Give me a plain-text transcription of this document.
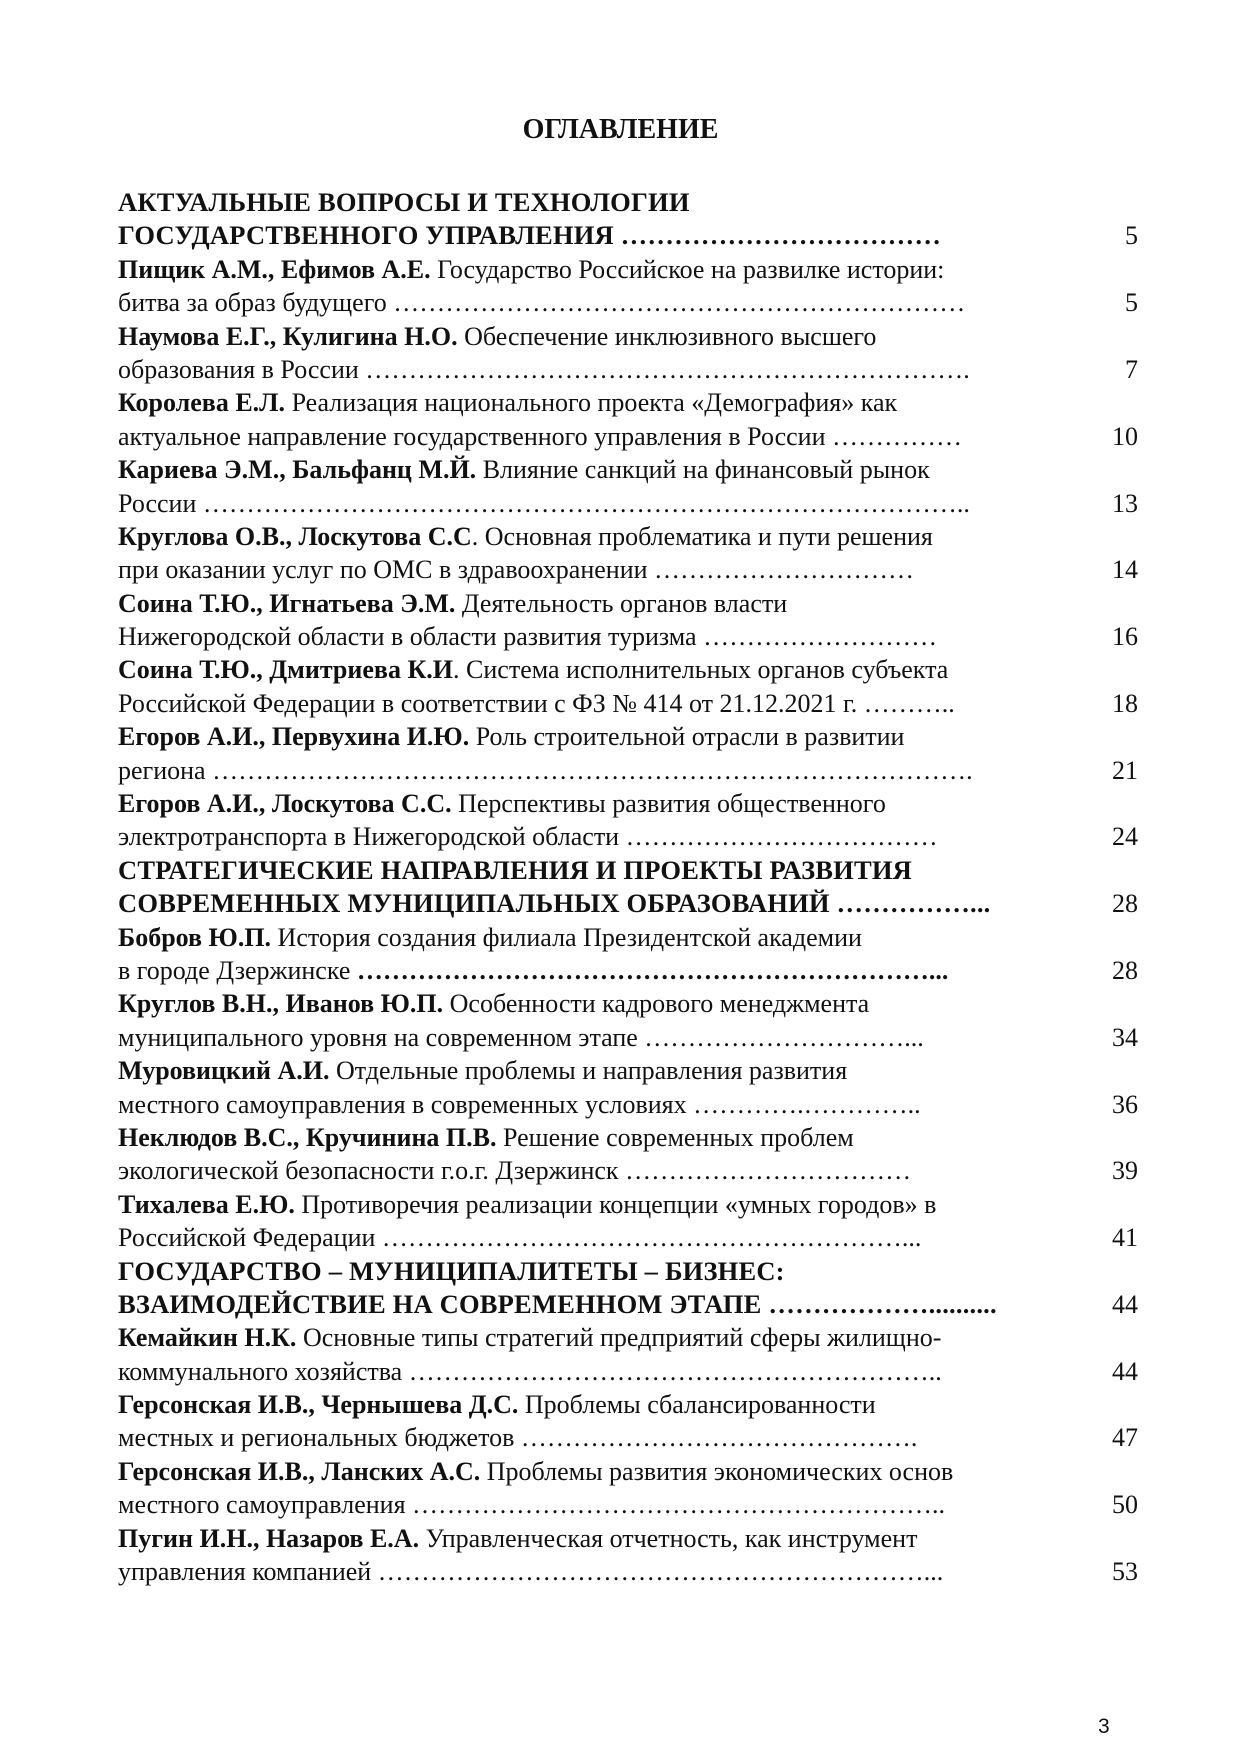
ОГЛАВЛЕНИЕ
АКТУАЛЬНЫЕ ВОПРОСЫ И ТЕХНОЛОГИИ
ГОСУДАРСТВЕННОГО УПРАВЛЕНИЯ ………………………………	5
Пищик А.М., Ефимов А.Е. Государство Российское на развилке истории:
битва за образ будущего …………………………………………………………	5
Наумова Е.Г., Кулигина Н.О. Обеспечение инклюзивного высшего
образования в России …………………………………………………………….	7
Королева Е.Л. Реализация национального проекта «Демография» как
актуальное направление государственного управления в России ……………	10
Кариева Э.М., Бальфанц М.Й. Влияние санкций на финансовый рынок
России ……………………………………………………………………………..	13
Круглова О.В., Лоскутова С.С. Основная проблематика и пути решения
при оказании услуг по ОМС в здравоохранении …………………………	14
Соина Т.Ю., Игнатьева Э.М. Деятельность органов власти
Нижегородской области в области развития туризма ………………………	16
Соина Т.Ю., Дмитриева К.И. Система исполнительных органов субъекта
Российской Федерации в соответствии с ФЗ № 414 от 21.12.2021 г. ………..	18
Егоров А.И., Первухина И.Ю. Роль строительной отрасли в развитии
региона …………………………………………………………………………….	21
Егоров А.И., Лоскутова С.С. Перспективы развития общественного
электротранспорта в Нижегородской области ………………………………	24
СТРАТЕГИЧЕСКИЕ НАПРАВЛЕНИЯ И ПРОЕКТЫ РАЗВИТИЯ
СОВРЕМЕННЫХ МУНИЦИПАЛЬНЫХ ОБРАЗОВАНИЙ ……………...	28
Бобров Ю.П. История создания филиала Президентской академии
в городе Дзержинске …………………………………………………………...	28
Круглов В.Н., Иванов Ю.П. Особенности кадрового менеджмента
муниципального уровня на современном этапе …………………………...	34
Муровицкий А.И. Отдельные проблемы и направления развития
местного самоуправления в современных условиях ………….…………..	36
Неклюдов В.С., Кручинина П.В. Решение современных проблем
экологической безопасности г.о.г. Дзержинск ……………………………	39
Тихалева Е.Ю. Противоречия реализации концепции «умных городов» в
Российской Федерации ……………………………………………………...	41
ГОСУДАРСТВО – МУНИЦИПАЛИТЕТЫ – БИЗНЕС:
ВЗАИМОДЕЙСТВИЕ НА СОВРЕМЕННОМ ЭТАПЕ ………………..........	44
Кемайкин Н.К. Основные типы стратегий предприятий сферы жилищно-
коммунального хозяйства ……………………………………………………..	44
Герсонская И.В., Чернышева Д.С. Проблемы сбалансированности
местных и региональных бюджетов ……………………………………….	47
Герсонская И.В., Ланских А.С. Проблемы развития экономических основ
местного самоуправления ……………………………………………………..	50
Пугин И.Н., Назаров Е.А. Управленческая отчетность, как инструмент
управления компанией ………………………………………………………...	53
3
